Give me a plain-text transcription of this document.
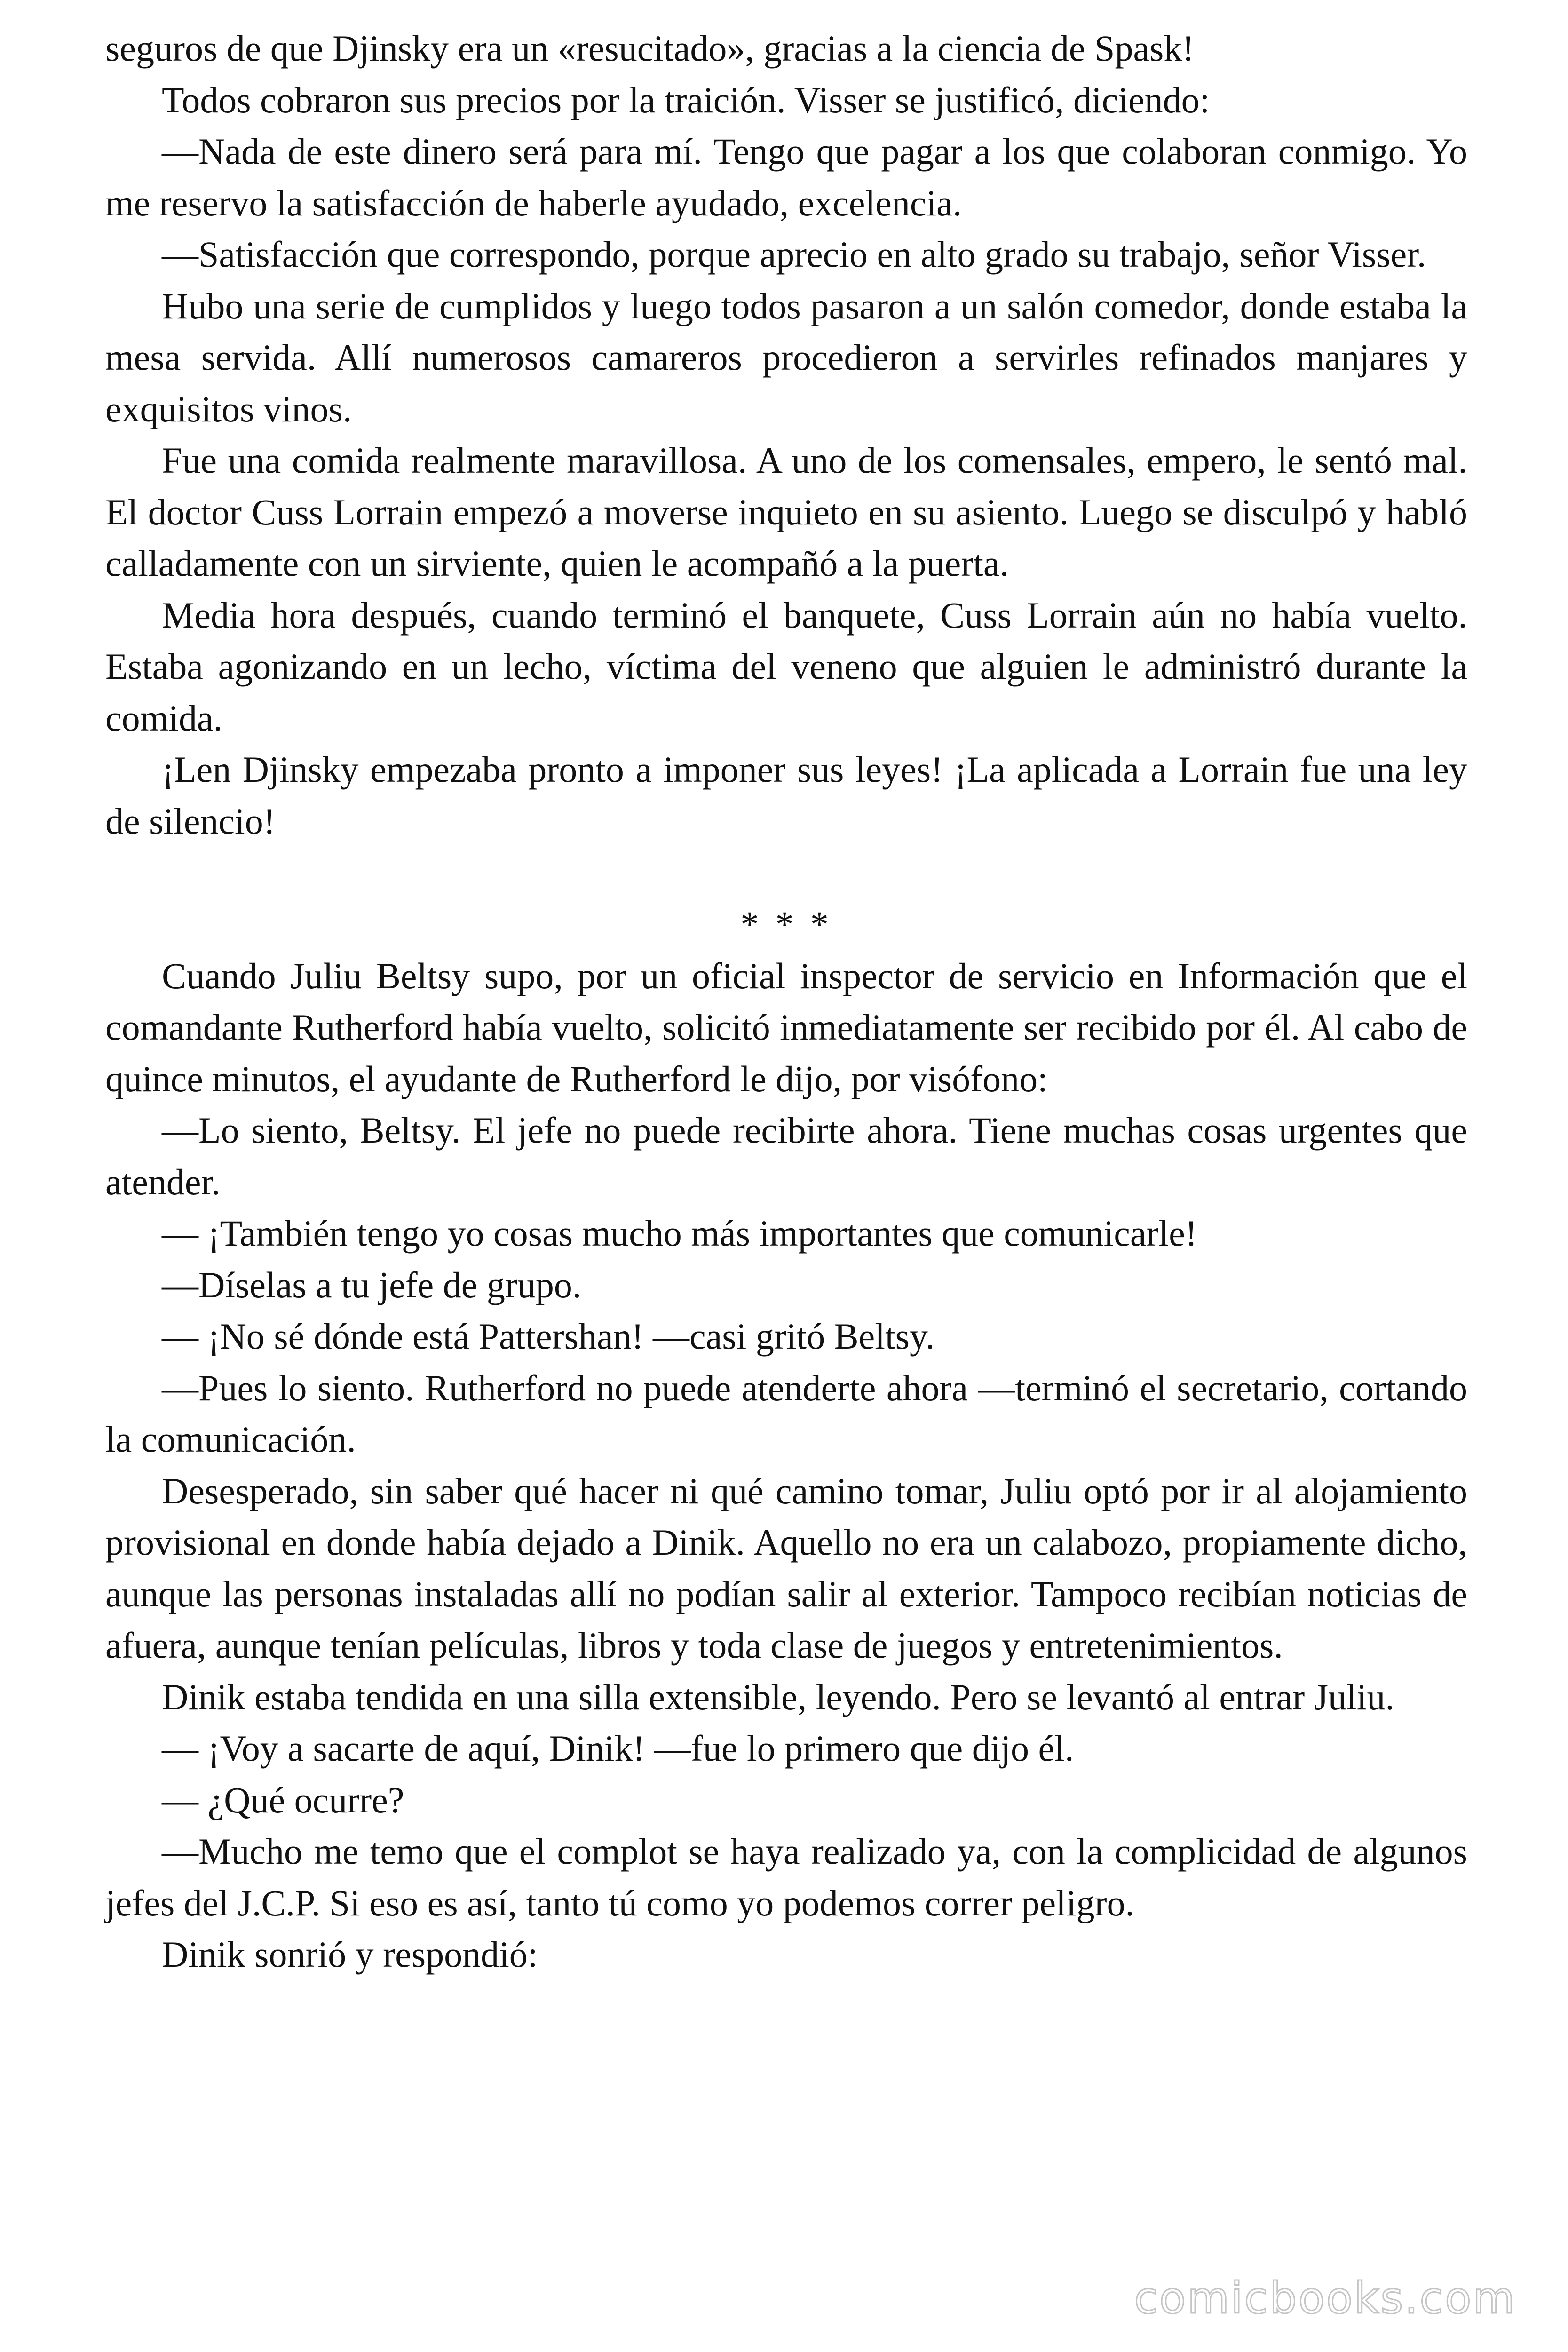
seguros de que Djinsky era un «resucitado», gracias a la ciencia de Spask!

Todos cobraron sus precios por la traición. Visser se justificó, diciendo:

—Nada de este dinero será para mí. Tengo que pagar a los que colaboran conmigo. Yo me reservo la satisfacción de haberle ayudado, excelencia.

—Satisfacción que correspondo, porque aprecio en alto grado su trabajo, señor Visser.

Hubo una serie de cumplidos y luego todos pasaron a un salón comedor, donde estaba la mesa servida. Allí numerosos camareros procedieron a servirles refinados manjares y exquisitos vinos.

Fue una comida realmente maravillosa. A uno de los comensales, empero, le sentó mal. El doctor Cuss Lorrain empezó a moverse inquieto en su asiento. Luego se disculpó y habló calladamente con un sirviente, quien le acompañó a la puerta.

Media hora después, cuando terminó el banquete, Cuss Lorrain aún no había vuelto. Estaba agonizando en un lecho, víctima del veneno que alguien le administró durante la comida.

¡Len Djinsky empezaba pronto a imponer sus leyes! ¡La aplicada a Lorrain fue una ley de silencio!

* * *

Cuando Juliu Beltsy supo, por un oficial inspector de servicio en Información que el comandante Rutherford había vuelto, solicitó inmediatamente ser recibido por él. Al cabo de quince minutos, el ayudante de Rutherford le dijo, por visófono:

—Lo siento, Beltsy. El jefe no puede recibirte ahora. Tiene muchas cosas urgentes que atender.

— ¡También tengo yo cosas mucho más importantes que comunicarle!

—Díselas a tu jefe de grupo.

— ¡No sé dónde está Pattershan! —casi gritó Beltsy.

—Pues lo siento. Rutherford no puede atenderte ahora —terminó el secretario, cortando la comunicación.

Desesperado, sin saber qué hacer ni qué camino tomar, Juliu optó por ir al alojamiento provisional en donde había dejado a Dinik. Aquello no era un calabozo, propiamente dicho, aunque las personas instaladas allí no podían salir al exterior. Tampoco recibían noticias de afuera, aunque tenían películas, libros y toda clase de juegos y entretenimientos.

Dinik estaba tendida en una silla extensible, leyendo. Pero se levantó al entrar Juliu.

— ¡Voy a sacarte de aquí, Dinik! —fue lo primero que dijo él.

— ¿Qué ocurre?

—Mucho me temo que el complot se haya realizado ya, con la complicidad de algunos jefes del J.C.P. Si eso es así, tanto tú como yo podemos correr peligro.

Dinik sonrió y respondió:

comicbooks.com
